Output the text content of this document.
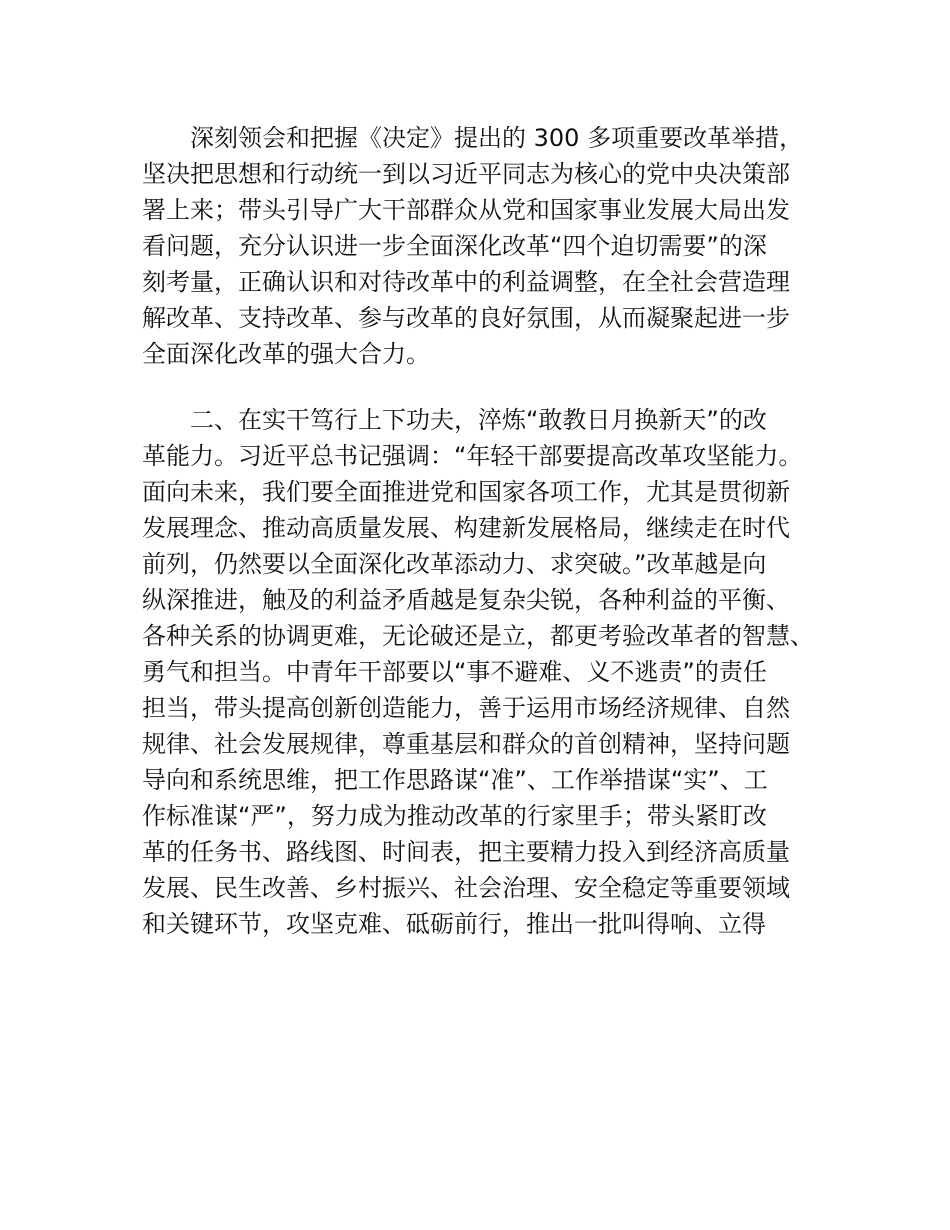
　　深刻领会和把握《决定》提出的 300 多项重要改革举措，
坚决把思想和行动统一到以习近平同志为核心的党中央决策部
署上来；带头引导广大干部群众从党和国家事业发展大局出发
看问题，充分认识进一步全面深化改革“四个迫切需要”的深
刻考量，正确认识和对待改革中的利益调整，在全社会营造理
解改革、支持改革、参与改革的良好氛围，从而凝聚起进一步
全面深化改革的强大合力。
　　二、在实干笃行上下功夫，淬炼“敢教日月换新天”的改
革能力。习近平总书记强调：“年轻干部要提高改革攻坚能力。
面向未来，我们要全面推进党和国家各项工作，尤其是贯彻新
发展理念、推动高质量发展、构建新发展格局，继续走在时代
前列，仍然要以全面深化改革添动力、求突破。”改革越是向
纵深推进，触及的利益矛盾越是复杂尖锐，各种利益的平衡、
各种关系的协调更难，无论破还是立，都更考验改革者的智慧、
勇气和担当。中青年干部要以“事不避难、义不逃责”的责任
担当，带头提高创新创造能力，善于运用市场经济规律、自然
规律、社会发展规律，尊重基层和群众的首创精神，坚持问题
导向和系统思维，把工作思路谋“准”、工作举措谋“实”、工
作标准谋“严”，努力成为推动改革的行家里手；带头紧盯改
革的任务书、路线图、时间表，把主要精力投入到经济高质量
发展、民生改善、乡村振兴、社会治理、安全稳定等重要领域
和关键环节，攻坚克难、砥砺前行，推出一批叫得响、立得
